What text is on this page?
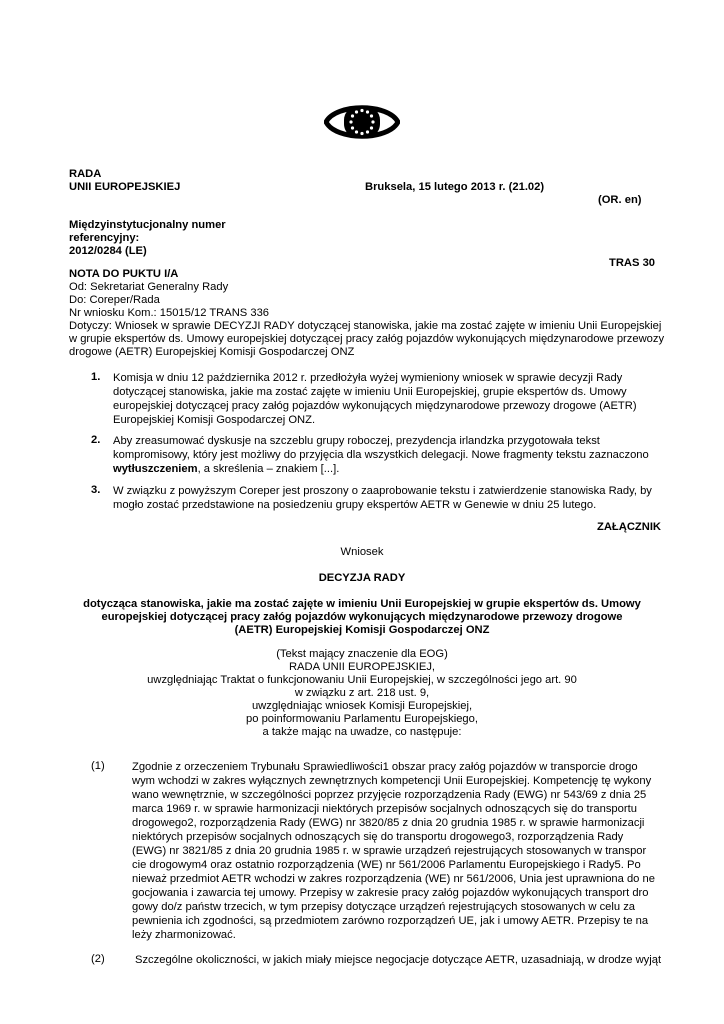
RADA
UNII EUROPEJSKIEJ	Bruksela, 15 lutego 2013 r. (21.02)
(OR. en)
Międzyinstytucjonalny numer
referencyjny:
2012/0284 (LE)
TRAS 30
NOTA DO PUKTU I/A
Od: Sekretariat Generalny Rady
Do: Coreper/Rada
Nr wniosku Kom.: 15015/12 TRANS 336
Dotyczy: Wniosek w sprawie DECYZJI RADY dotyczącej stanowiska, jakie ma zostać zajęte w imieniu Unii Europejskiej
w grupie ekspertów ds. Umowy europejskiej dotyczącej pracy załóg pojazdów wykonujących międzynarodowe przewozy
drogowe (AETR) Europejskiej Komisji Gospodarczej ONZ
1. Komisja w dniu 12 października 2012 r. przedłożyła wyżej wymieniony wniosek w sprawie decyzji Rady
dotyczącej stanowiska, jakie ma zostać zajęte w imieniu Unii Europejskiej, grupie ekspertów ds. Umowy
europejskiej dotyczącej pracy załóg pojazdów wykonujących międzynarodowe przewozy drogowe (AETR)
Europejskiej Komisji Gospodarczej ONZ.
2. Aby zreasumować dyskusje na szczeblu grupy roboczej, prezydencja irlandzka przygotowała tekst
kompromisowy, który jest możliwy do przyjęcia dla wszystkich delegacji. Nowe fragmenty tekstu zaznaczono
wytłuszczeniem, a skreślenia – znakiem [...].
3. W związku z powyższym Coreper jest proszony o zaaprobowanie tekstu i zatwierdzenie stanowiska Rady, by
mogło zostać przedstawione na posiedzeniu grupy ekspertów AETR w Genewie w dniu 25 lutego.
ZAŁĄCZNIK
Wniosek
DECYZJA RADY
dotycząca stanowiska, jakie ma zostać zajęte w imieniu Unii Europejskiej w grupie ekspertów ds. Umowy
europejskiej dotyczącej pracy załóg pojazdów wykonujących międzynarodowe przewozy drogowe
(AETR) Europejskiej Komisji Gospodarczej ONZ
(Tekst mający znaczenie dla EOG)
RADA UNII EUROPEJSKIEJ,
uwzględniając Traktat o funkcjonowaniu Unii Europejskiej, w szczególności jego art. 90
w związku z art. 218 ust. 9,
uwzględniając wniosek Komisji Europejskiej,
po poinformowaniu Parlamentu Europejskiego,
a także mając na uwadze, co następuje:
(1) Zgodnie z orzeczeniem Trybunału Sprawiedliwości1 obszar pracy załóg pojazdów w transporcie drogo
wym wchodzi w zakres wyłącznych zewnętrznych kompetencji Unii Europejskiej. Kompetencję tę wykony
wano wewnętrznie, w szczególności poprzez przyjęcie rozporządzenia Rady (EWG) nr 543/69 z dnia 25
marca 1969 r. w sprawie harmonizacji niektórych przepisów socjalnych odnoszących się do transportu
drogowego2, rozporządzenia Rady (EWG) nr 3820/85 z dnia 20 grudnia 1985 r. w sprawie harmonizacji
niektórych przepisów socjalnych odnoszących się do transportu drogowego3, rozporządzenia Rady
(EWG) nr 3821/85 z dnia 20 grudnia 1985 r. w sprawie urządzeń rejestrujących stosowanych w transpor
cie drogowym4 oraz ostatnio rozporządzenia (WE) nr 561/2006 Parlamentu Europejskiego i Rady5. Po
nieważ przedmiot AETR wchodzi w zakres rozporządzenia (WE) nr 561/2006, Unia jest uprawniona do ne
gocjowania i zawarcia tej umowy. Przepisy w zakresie pracy załóg pojazdów wykonujących transport dro
gowy do/z państw trzecich, w tym przepisy dotyczące urządzeń rejestrujących stosowanych w celu za
pewnienia ich zgodności, są przedmiotem zarówno rozporządzeń UE, jak i umowy AETR. Przepisy te na
leży zharmonizować.
(2)	Szczególne okoliczności, w jakich miały miejsce negocjacje dotyczące AETR, uzasadniają, w drodze wyjąt
